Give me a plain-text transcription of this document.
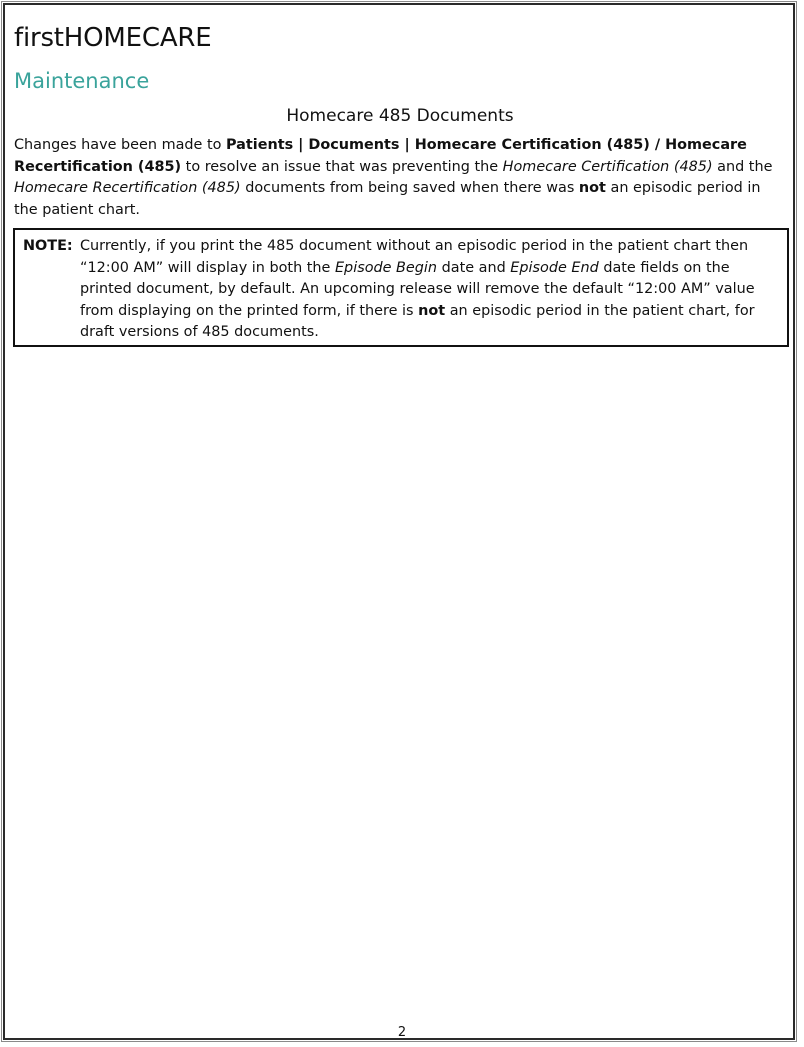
firstHOMECARE
Maintenance
Homecare 485 Documents

Changes have been made to Patients | Documents | Homecare Certification (485) / Homecare Recertification (485) to resolve an issue that was preventing the Homecare Certification (485) and the Homecare Recertification (485) documents from being saved when there was not an episodic period in the patient chart.

NOTE: Currently, if you print the 485 document without an episodic period in the patient chart then “12:00 AM” will display in both the Episode Begin date and Episode End date fields on the printed document, by default. An upcoming release will remove the default “12:00 AM” value from displaying on the printed form, if there is not an episodic period in the patient chart, for draft versions of 485 documents.

2
